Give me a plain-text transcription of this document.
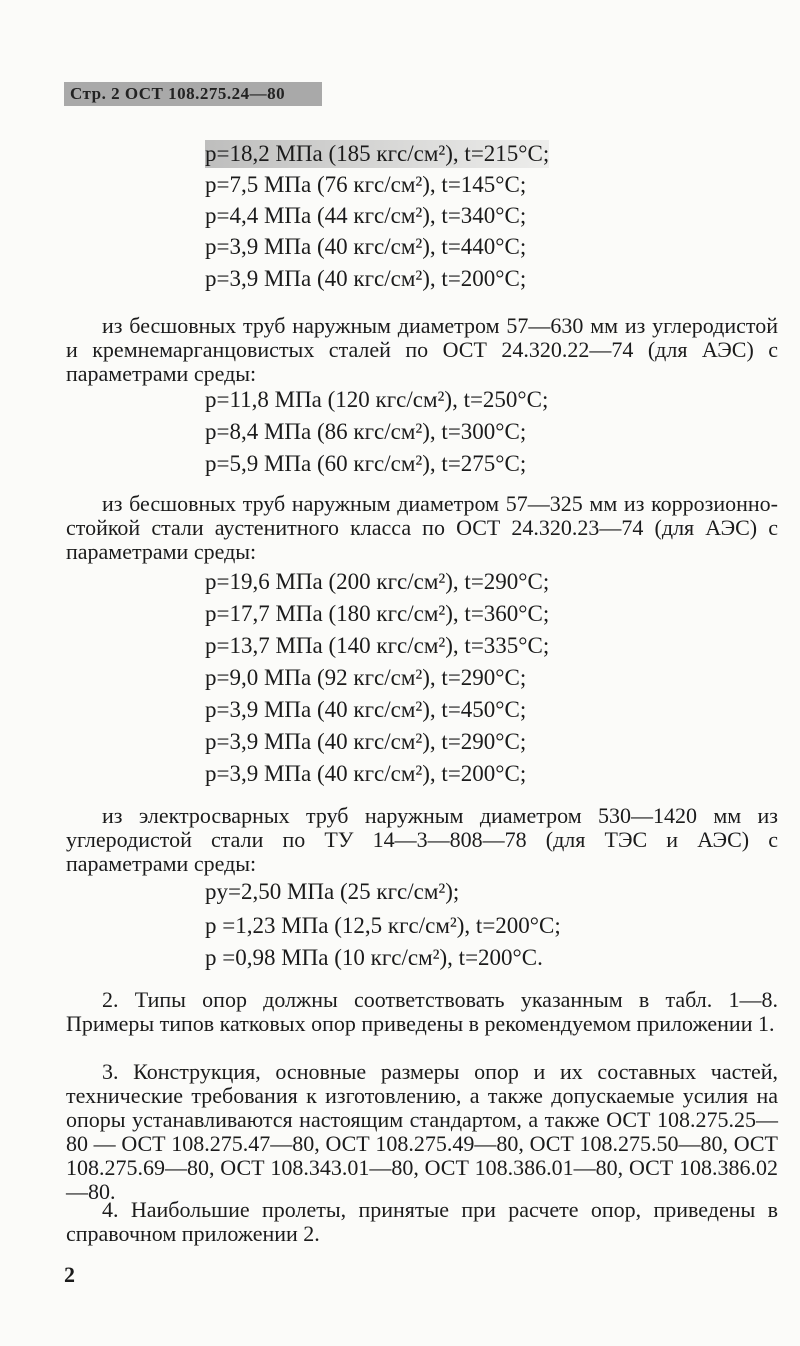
Стр. 2 ОСТ 108.275.24—80
p=18,2 МПа (185 кгс/см²), t=215°С;
p=7,5 МПа (76 кгс/см²), t=145°С;
p=4,4 МПа (44 кгс/см²), t=340°С;
p=3,9 МПа (40 кгс/см²), t=440°С;
p=3,9 МПа (40 кгс/см²), t=200°С;
из бесшовных труб наружным диаметром 57—630 мм из углеродистой и кремнемарганцовистых сталей по ОСТ 24.320.22—74 (для АЭС) с параметрами среды:
p=11,8 МПа (120 кгс/см²), t=250°С;
p=8,4 МПа (86 кгс/см²), t=300°С;
p=5,9 МПа (60 кгс/см²), t=275°С;
из бесшовных труб наружным диаметром 57—325 мм из коррозионно-стойкой стали аустенитного класса по ОСТ 24.320.23—74 (для АЭС) с параметрами среды:
p=19,6 МПа (200 кгс/см²), t=290°С;
p=17,7 МПа (180 кгс/см²), t=360°С;
p=13,7 МПа (140 кгс/см²), t=335°С;
p=9,0 МПа (92 кгс/см²), t=290°С;
p=3,9 МПа (40 кгс/см²), t=450°С;
p=3,9 МПа (40 кгс/см²), t=290°С;
p=3,9 МПа (40 кгс/см²), t=200°С;
из электросварных труб наружным диаметром 530—1420 мм из углеродистой стали по ТУ 14—3—808—78 (для ТЭС и АЭС) с параметрами среды:
pу=2,50 МПа (25 кгс/см²);
p =1,23 МПа (12,5 кгс/см²), t=200°С;
p =0,98 МПа (10 кгс/см²), t=200°С.
2. Типы опор должны соответствовать указанным в табл. 1—8. Примеры типов катковых опор приведены в рекомендуемом приложении 1.
3. Конструкция, основные размеры опор и их составных частей, технические требования к изготовлению, а также допускаемые усилия на опоры устанавливаются настоящим стандартом, а также ОСТ 108.275.25—80 — ОСТ 108.275.47—80, ОСТ 108.275.49—80, ОСТ 108.275.50—80, ОСТ 108.275.69—80, ОСТ 108.343.01—80, ОСТ 108.386.01—80, ОСТ 108.386.02—80.
4. Наибольшие пролеты, принятые при расчете опор, приведены в справочном приложении 2.
2
